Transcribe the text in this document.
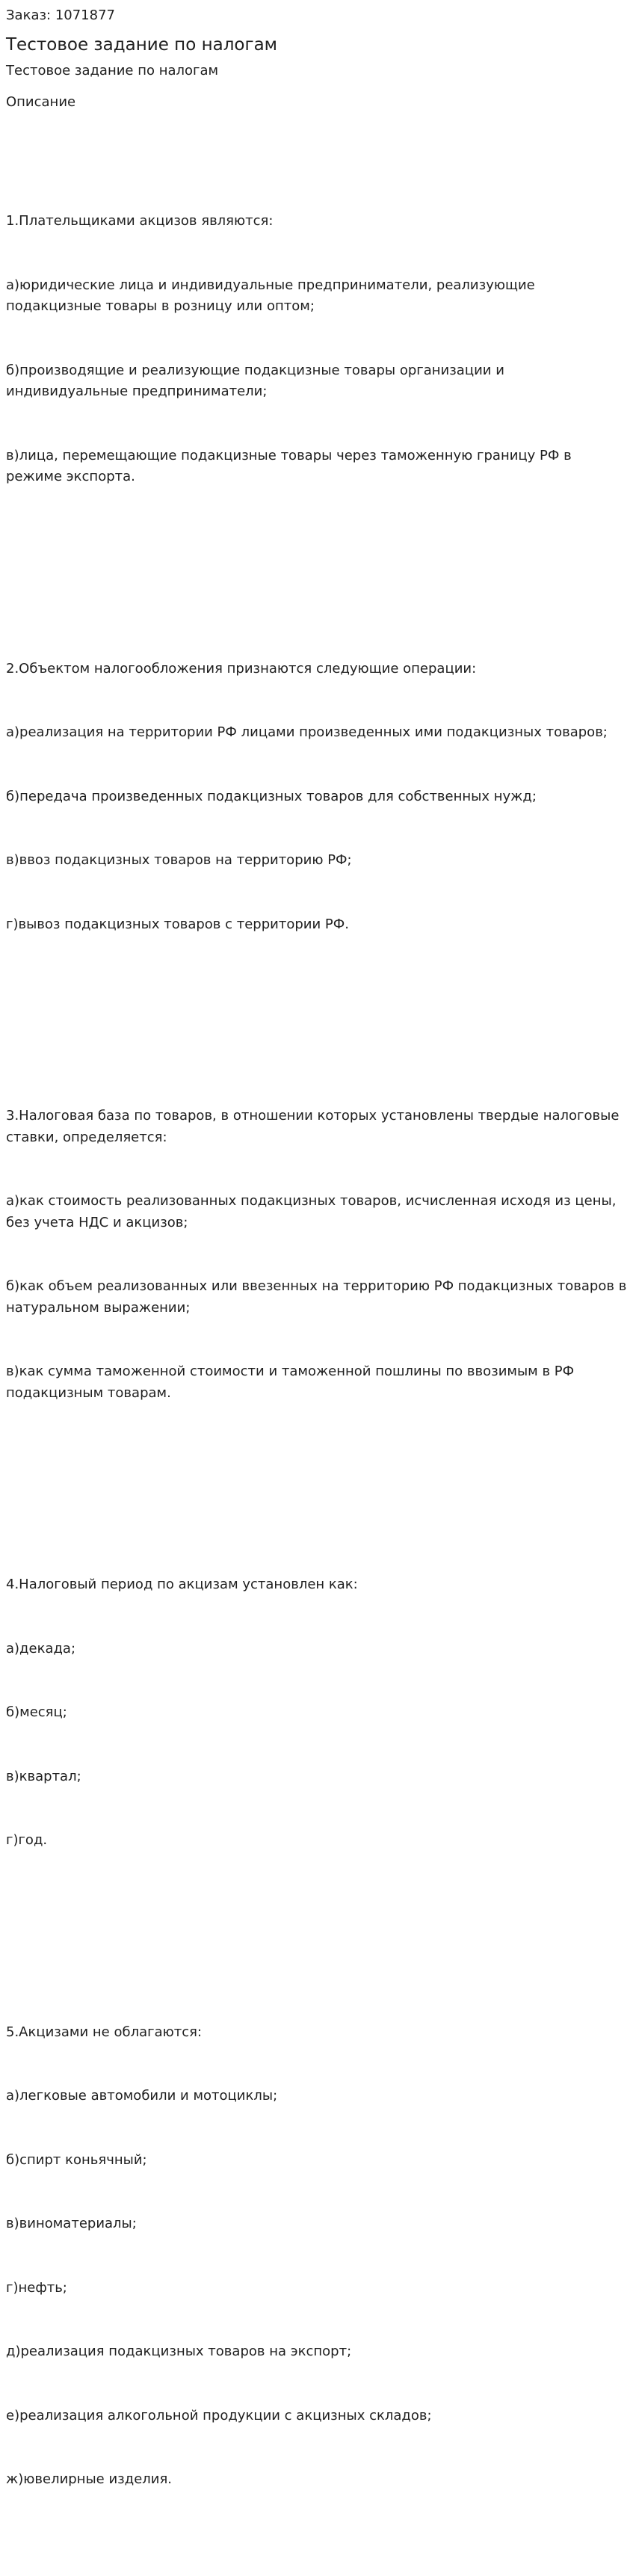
Заказ: 1071877
Тестовое задание по налогам
Тестовое задание по налогам
Описание

1.Плательщиками акцизов являются:

а)юридические лица и индивидуальные предприниматели, реализующие подакцизные товары в розницу или оптом;

б)производящие и реализующие подакцизные товары организации и индивидуальные предприниматели;

в)лица, перемещающие подакцизные товары через таможенную границу РФ в режиме экспорта.

2.Объектом налогообложения признаются следующие операции:

а)реализация на территории РФ лицами произведенных ими подакцизных товаров;

б)передача произведенных подакцизных товаров для собственных нужд;

в)ввоз подакцизных товаров на территорию РФ;

г)вывоз подакцизных товаров с территории РФ.

3.Налоговая база по товаров, в отношении которых установлены твердые налоговые ставки, определяется:

а)как стоимость реализованных подакцизных товаров, исчисленная исходя из цены, без учета НДС и акцизов;

б)как объем реализованных или ввезенных на территорию РФ подакцизных товаров в натуральном выражении;

в)как сумма таможенной стоимости и таможенной пошлины по ввозимым в РФ подакцизным товарам.

4.Налоговый период по акцизам установлен как:

а)декада;

б)месяц;

в)квартал;

г)год.

5.Акцизами не облагаются:

а)легковые автомобили и мотоциклы;

б)спирт коньячный;

в)виноматериалы;

г)нефть;

д)реализация подакцизных товаров на экспорт;

е)реализация алкогольной продукции с акцизных складов;

ж)ювелирные изделия.
